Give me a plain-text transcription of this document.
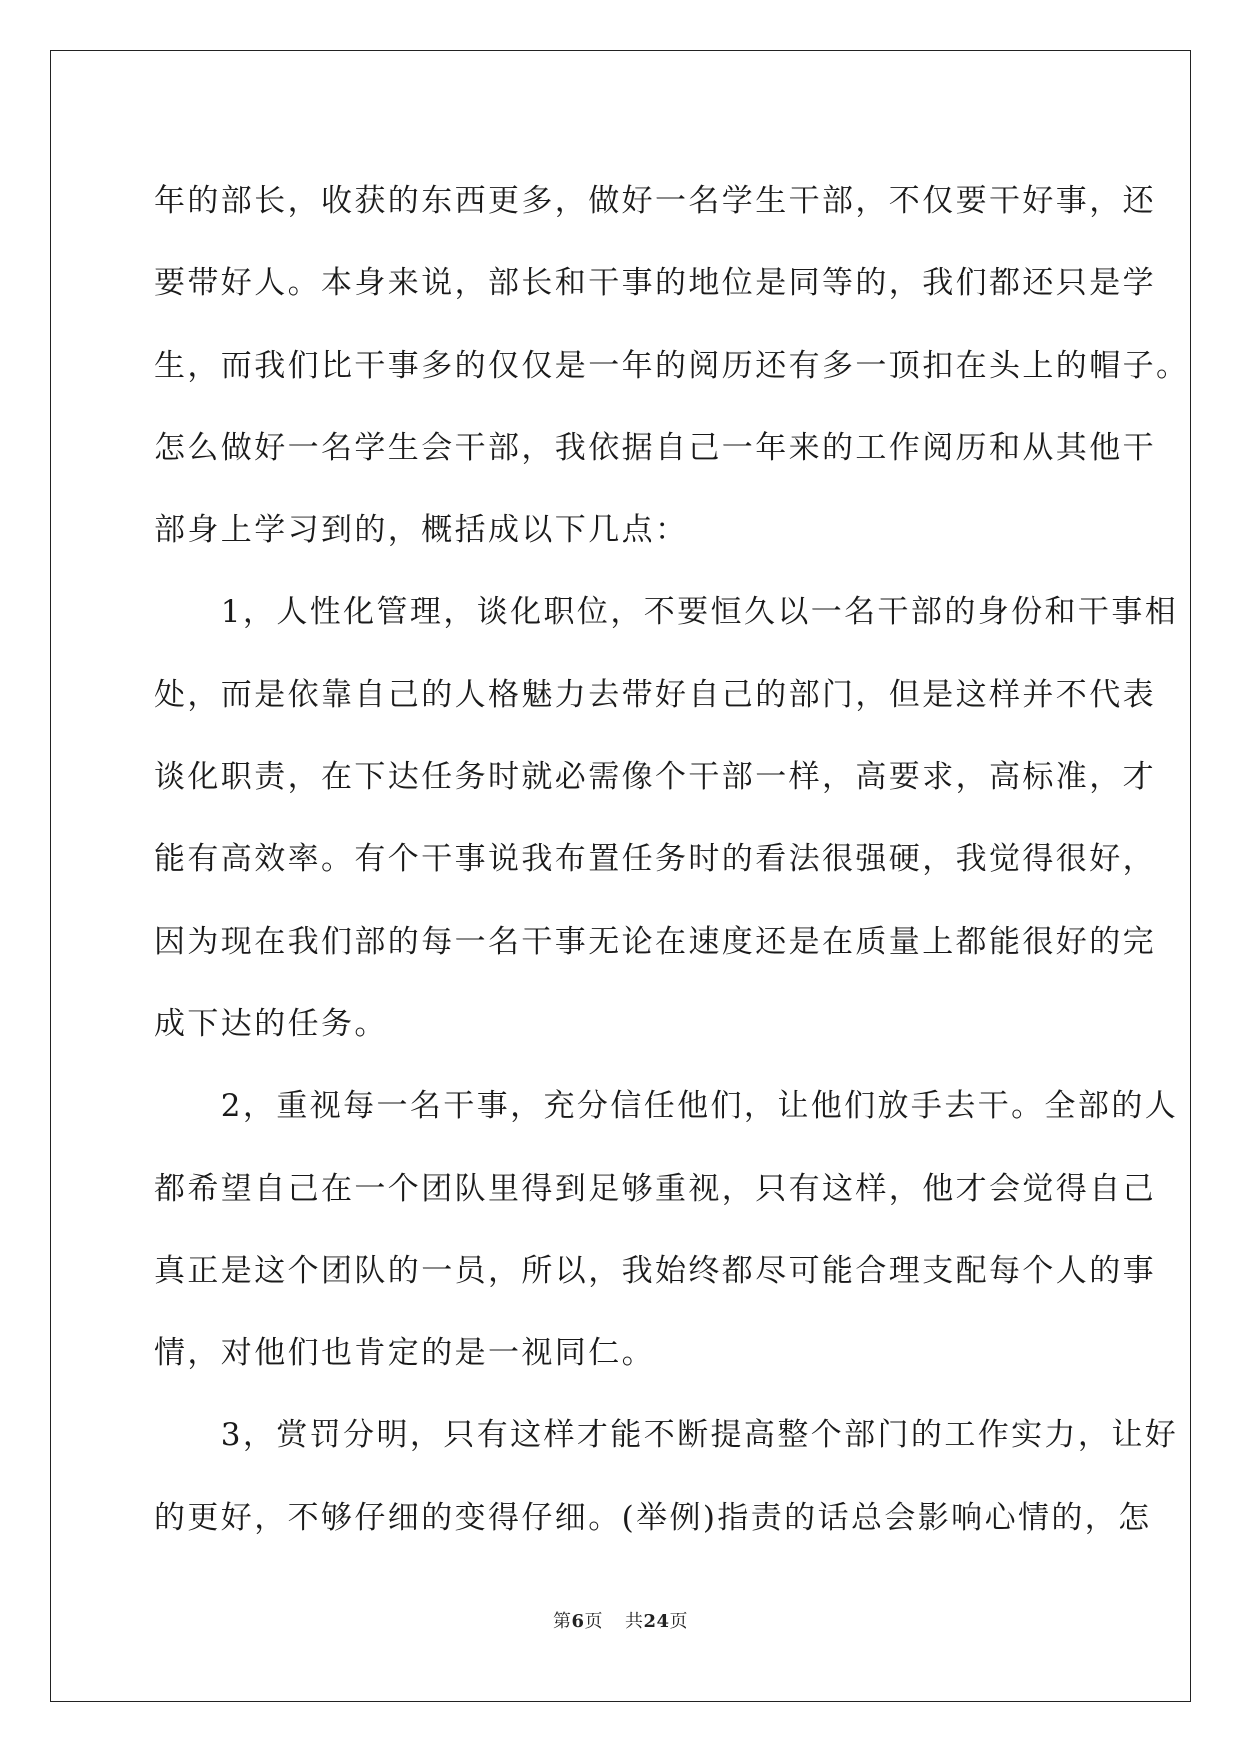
年的部长，收获的东西更多，做好一名学生干部，不仅要干好事，还
要带好人。本身来说，部长和干事的地位是同等的，我们都还只是学
生，而我们比干事多的仅仅是一年的阅历还有多一顶扣在头上的帽子。
怎么做好一名学生会干部，我依据自己一年来的工作阅历和从其他干
部身上学习到的，概括成以下几点：
　　1，人性化管理，谈化职位，不要恒久以一名干部的身份和干事相
处，而是依靠自己的人格魅力去带好自己的部门，但是这样并不代表
谈化职责，在下达任务时就必需像个干部一样，高要求，高标准，才
能有高效率。有个干事说我布置任务时的看法很强硬，我觉得很好，
因为现在我们部的每一名干事无论在速度还是在质量上都能很好的完
成下达的任务。
　　2，重视每一名干事，充分信任他们，让他们放手去干。全部的人
都希望自己在一个团队里得到足够重视，只有这样，他才会觉得自己
真正是这个团队的一员，所以，我始终都尽可能合理支配每个人的事
情，对他们也肯定的是一视同仁。
　　3，赏罚分明，只有这样才能不断提高整个部门的工作实力，让好
的更好，不够仔细的变得仔细。(举例)指责的话总会影响心情的，怎
第6页 共24页
